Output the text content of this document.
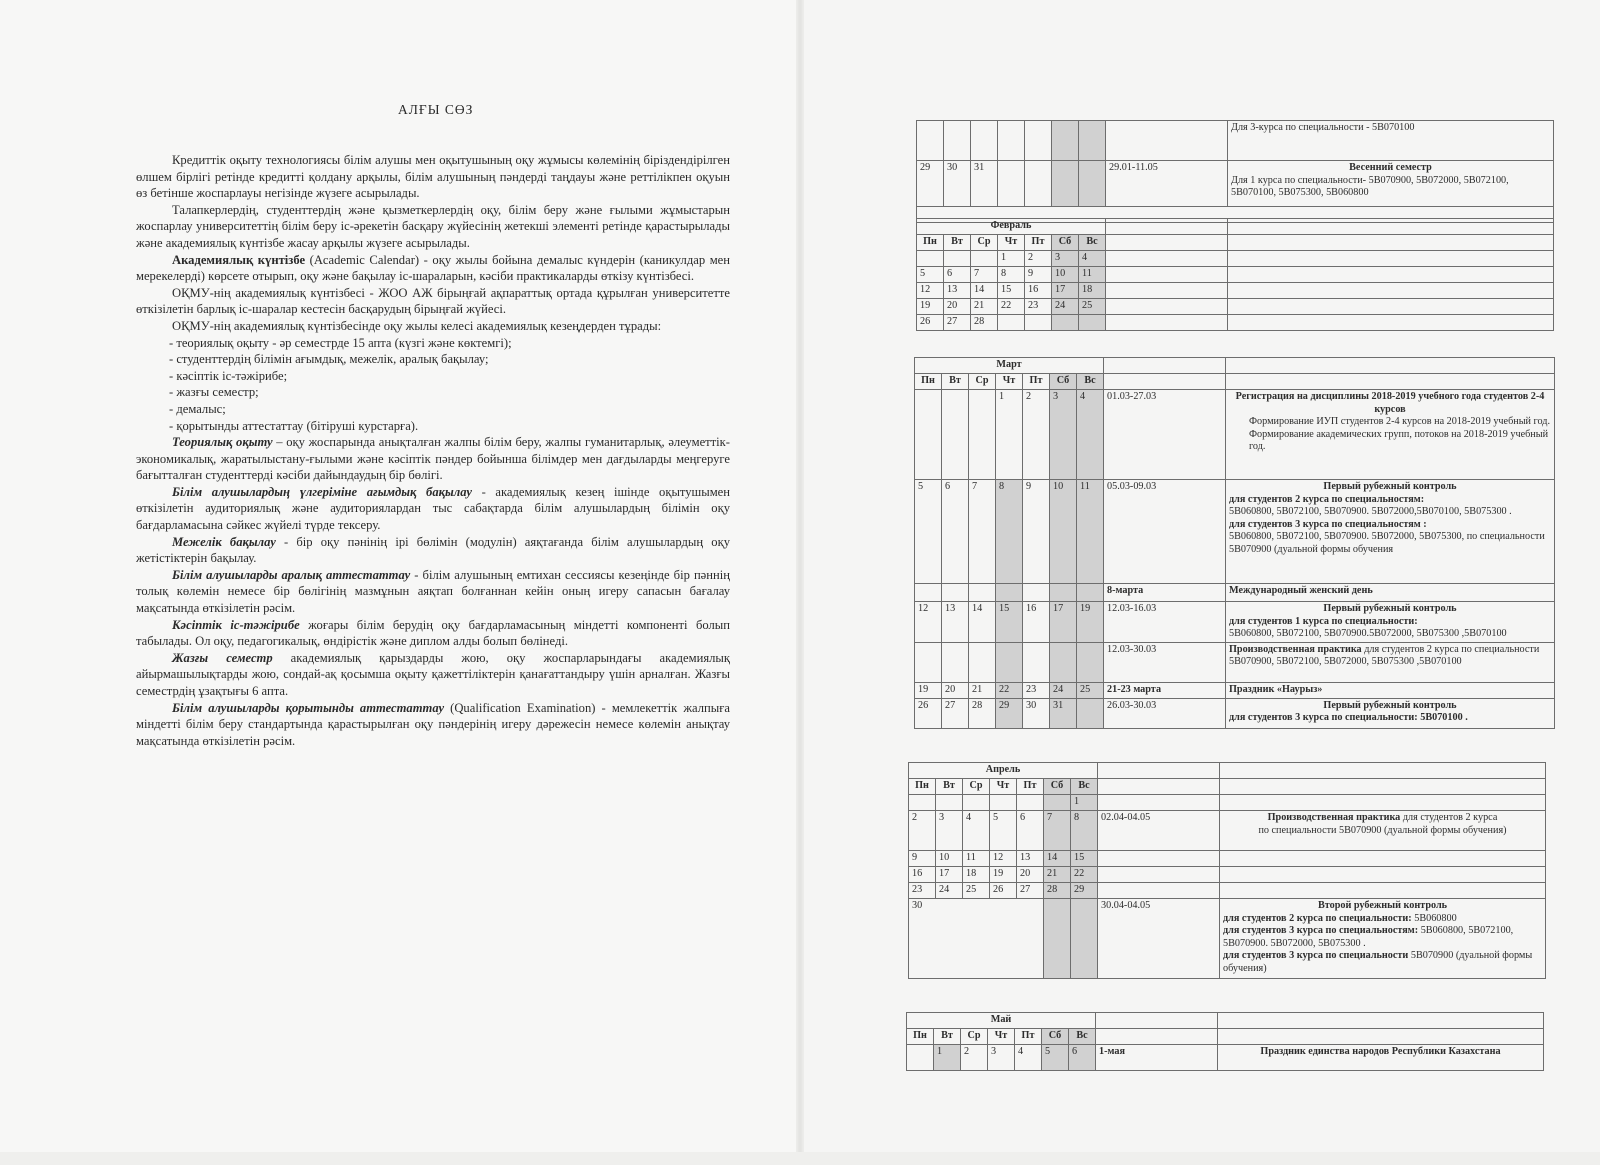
АЛҒЫ СӨЗ

Кредиттік оқыту технологиясы білім алушы мен оқытушының оқу жұмысы көлемінің біріздендірілген өлшем бірлігі ретінде кредитті қолдану арқылы, білім алушының пәндерді таңдауы және реттілікпен оқуын өз бетінше жоспарлауы негізінде жүзеге асырылады.

Талапкерлердің, студенттердің және қызметкерлердің оқу, білім беру және ғылыми жұмыстарын жоспарлау университеттің білім беру іс-әрекетін басқару жүйесінің жетекші элементі ретінде қарастырылады және академиялық күнтізбе жасау арқылы жүзеге асырылады.

Академиялық күнтізбе (Academic Calendar) - оқу жылы бойына демалыс күндерін (каникулдар мен мерекелерді) көрсете отырып, оқу және бақылау іс-шараларын, кәсіби практикаларды өткізу күнтізбесі.

ОҚМУ-нің академиялық күнтізбесі - ЖОО АЖ бірыңғай ақпараттық ортада құрылған университетте өткізілетін барлық іс-шаралар кестесін басқарудың бірыңғай жүйесі.

ОҚМУ-нің академиялық күнтізбесінде оқу жылы келесі академиялық кезеңдерден тұрады:

- теориялық оқыту - әр семестрде 15 апта (күзгі және көктемгі);

- студенттердің білімін ағымдық, межелік, аралық бақылау;

- кәсіптік іс-тәжірибе;

- жазғы семестр;

- демалыс;

- қорытынды аттестаттау (бітіруші курстарға).

Теориялық оқыту – оқу жоспарында анықталған жалпы білім беру, жалпы гуманитарлық, әлеуметтік-экономикалық, жаратылыстану-ғылыми және кәсіптік пәндер бойынша білімдер мен дағдыларды меңгеруге бағытталған студенттерді кәсіби дайындаудың бір бөлігі.

Білім алушылардың үлгеріміне ағымдық бақылау - академиялық кезең ішінде оқытушымен өткізілетін аудиториялық және аудиториялардан тыс сабақтарда білім алушылардың білімін оқу бағдарламасына сәйкес жүйелі түрде тексеру.

Межелік бақылау - бір оқу пәнінің ірі бөлімін (модулін) аяқтағанда білім алушылардың оқу жетістіктерін бақылау.

Білім алушыларды аралық аттестаттау - білім алушының емтихан сессиясы кезеңінде бір пәннің толық көлемін немесе бір бөлігінің мазмұнын аяқтап болғаннан кейін оның игеру сапасын бағалау мақсатында өткізілетін рәсім.

Кәсіптік іс-тәжірибе жоғары білім берудің оқу бағдарламасының міндетті компоненті болып табылады. Ол оқу, педагогикалық, өндірістік және диплом алды болып бөлінеді.

Жазғы семестр академиялық қарыздарды жою, оқу жоспарларындағы академиялық айырмашылықтарды жою, сондай-ақ қосымша оқыту қажеттіліктерін қанағаттандыру үшін арналған. Жазғы семестрдің ұзақтығы 6 апта.

Білім алушыларды қорытынды аттестаттау (Qualification Examination) - мемлекеттік жалпыға міндетті білім беру стандартында қарастырылған оқу пәндерінің игеру дәрежесін немесе көлемін анықтау мақсатында өткізілетін рәсім.

								Для 3-курса по специальности - 5В070100
29	30	31					29.01-11.05	Весенний семестр
Для 1 курса по специальности- 5В070900, 5В072000, 5В072100, 5В070100, 5В075300, 5В060800

Февраль								
Пн	Вт	Ср	Чт	Пт	Сб	Вс		
			1	2	3	4		
5	6	7	8	9	10	11		
12	13	14	15	16	17	18		
19	20	21	22	23	24	25		
26	27	28						
Март								
Пн	Вт	Ср	Чт	Пт	Сб	Вс		
			1	2	3	4	01.03-27.03	Регистрация на дисциплины 2018-2019 учебного года студентов 2-4 курсов
Формирование ИУП студентов 2-4 курсов на 2018-2019 учебный год.
Формирование академических групп, потоков на 2018-2019 учебный год.

5	6	7	8	9	10	11	05.03-09.03	Первый рубежный контроль
для студентов 2 курса по специальностям:
5В060800, 5В072100, 5В070900. 5В072000,5В070100, 5В075300 .
для студентов 3 курса по специальностям :
5В060800, 5В072100, 5В070900. 5В072000, 5В075300, по специальности 5В070900 (дуальной формы обучения

							8-марта	Международный женский день
12	13	14	15	16	17	19	12.03-16.03	Первый рубежный контроль
для студентов 1 курса по специальности:
5В060800, 5В072100, 5В070900.5В072000, 5В075300 ,5В070100

							12.03-30.03	Производственная практика для студентов 2 курса по специальности 5В070900, 5В072100, 5В072000, 5В075300 ,5В070100
19	20	21	22	23	24	25	21-23 марта	Праздник «Наурыз»
26	27	28	29	30	31		26.03-30.03	Первый рубежный контроль
для студентов 3 курса по специальности: 5В070100 .
Апрель								
Пн	Вт	Ср	Чт	Пт	Сб	Вс		
						1		
2	3	4	5	6	7	8	02.04-04.05	Производственная практика для студентов 2 курса
по специальности 5В070900 (дуальной формы обучения)

9	10	11	12	13	14	15		
16	17	18	19	20	21	22		
23	24	25	26	27	28	29		
30							30.04-04.05	Второй рубежный контроль
для студентов 2 курса по специальности: 5В060800
для студентов 3 курса по специальностям: 5В060800, 5В072100, 5В070900. 5В072000, 5В075300 .
для студентов 3 курса по специальности 5В070900 (дуальной формы обучения)
Май								
Пн	Вт	Ср	Чт	Пт	Сб	Вс		
	1	2	3	4	5	6	1-мая	Праздник единства народов Республики Казахстана
